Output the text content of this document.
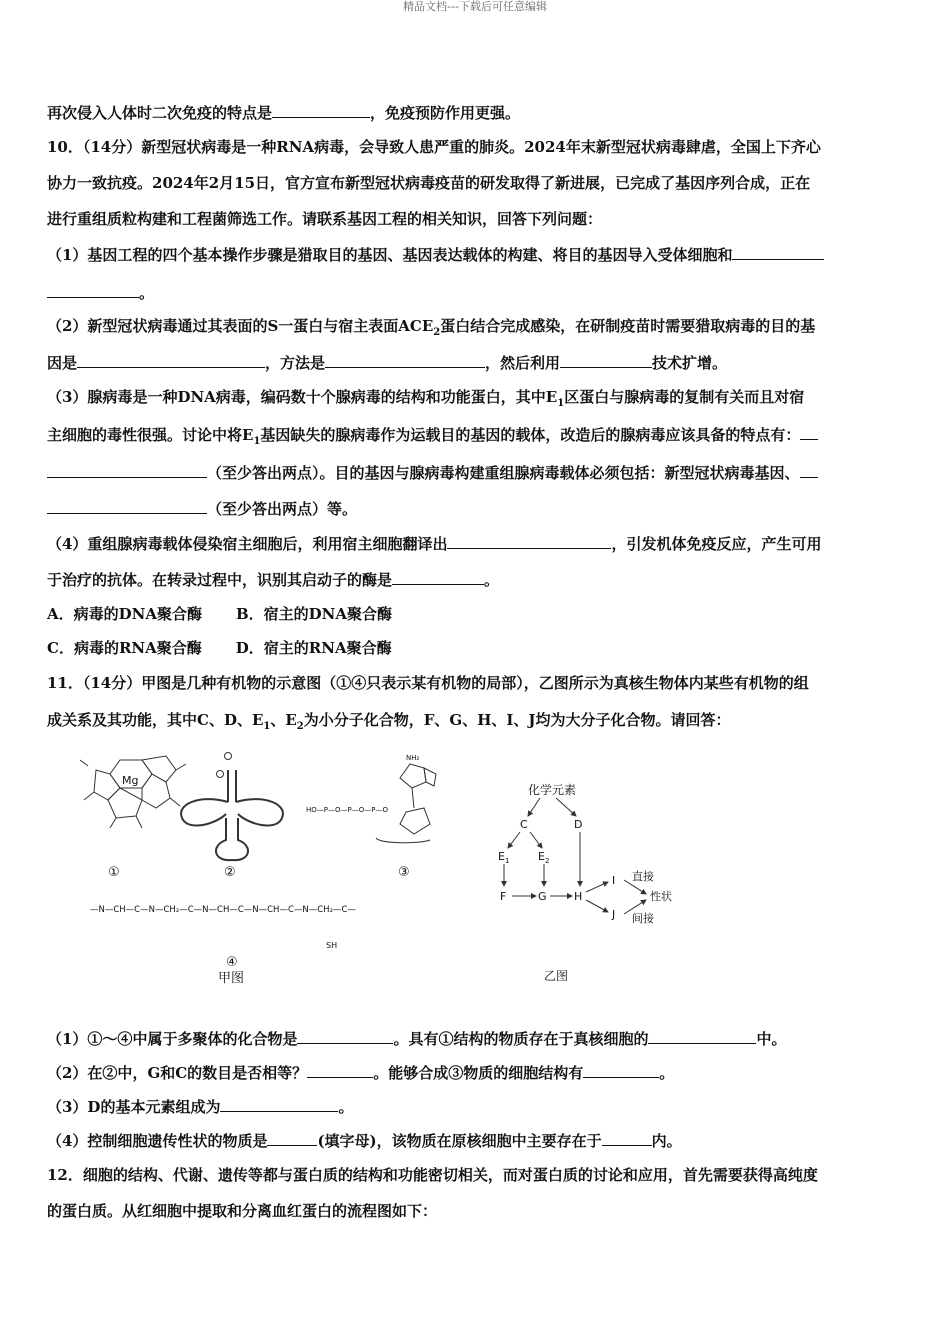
精品文档---下载后可任意编辑
再次侵入人体时二次免疫的特点是	，免疫预防作用更强。
10．（14分）新型冠状病毒是一种RNA病毒，会导致人患严重的肺炎。2024年末新型冠状病毒肆虐，全国上下齐心
协力一致抗疫。2024年2月15日，官方宣布新型冠状病毒疫苗的研发取得了新进展，已完成了基因序列合成，正在
进行重组质粒构建和工程菌筛选工作。请联系基因工程的相关知识，回答下列问题：
（1）基因工程的四个基本操作步骤是猎取目的基因、基因表达载体的构建、将目的基因导入受体细胞和
。
（2）新型冠状病毒通过其表面的S一蛋白与宿主表面$ACE_2$蛋白结合完成感染，在研制疫苗时需要猎取病毒的目的基
因是	，方法是	，然后利用	技术扩增。
（3）腺病毒是一种DNA病毒，编码数十个腺病毒的结构和功能蛋白，其中$E_1$区蛋白与腺病毒的复制有关而且对宿
主细胞的毒性很强。讨论中将$E_1$基因缺失的腺病毒作为运载目的基因的载体，改造后的腺病毒应该具备的特点有：
（至少答出两点）。目的基因与腺病毒构建重组腺病毒载体必须包括：新型冠状病毒基因、
（至少答出两点）等。
（4）重组腺病毒载体侵染宿主细胞后，利用宿主细胞翻译出	，引发机体免疫反应，产生可用
于治疗的抗体。在转录过程中，识别其启动子的酶是	。
A．病毒的DNA聚合酶 B．宿主的DNA聚合酶
C．病毒的RNA聚合酶 D．宿主的RNA聚合酶
11．（14分）甲图是几种有机物的示意图（①④只表示某有机物的局部），乙图所示为真核生物体内某些有机物的组
成关系及其功能，其中C、D、$E_1$、$E_2$为小分子化合物，F、G、H、I、J均为大分子化合物。请回答：
Mg
①	②
HO—P—O—P—O—P—O
NH₂
③
—N—CH—C—N—CH₂—C—N—CH—C—N—CH—C—N—CH₂—C—
SH
④
甲图
化学元素
C	D
$E_1$	$E_2$
F	G H
I
J
直接
性状
间接
乙图
（1）①～④中属于多聚体的化合物是	。具有①结构的物质存在于真核细胞的	中。
（2）在②中，G和C的数目是否相等？	。能够合成③物质的细胞结构有	。
（3）D的基本元素组成为	。
（4）控制细胞遗传性状的物质是	(填字母)，该物质在原核细胞中主要存在于	内。
12．细胞的结构、代谢、遗传等都与蛋白质的结构和功能密切相关，而对蛋白质的讨论和应用，首先需要获得高纯度
的蛋白质。从红细胞中提取和分离血红蛋白的流程图如下：
